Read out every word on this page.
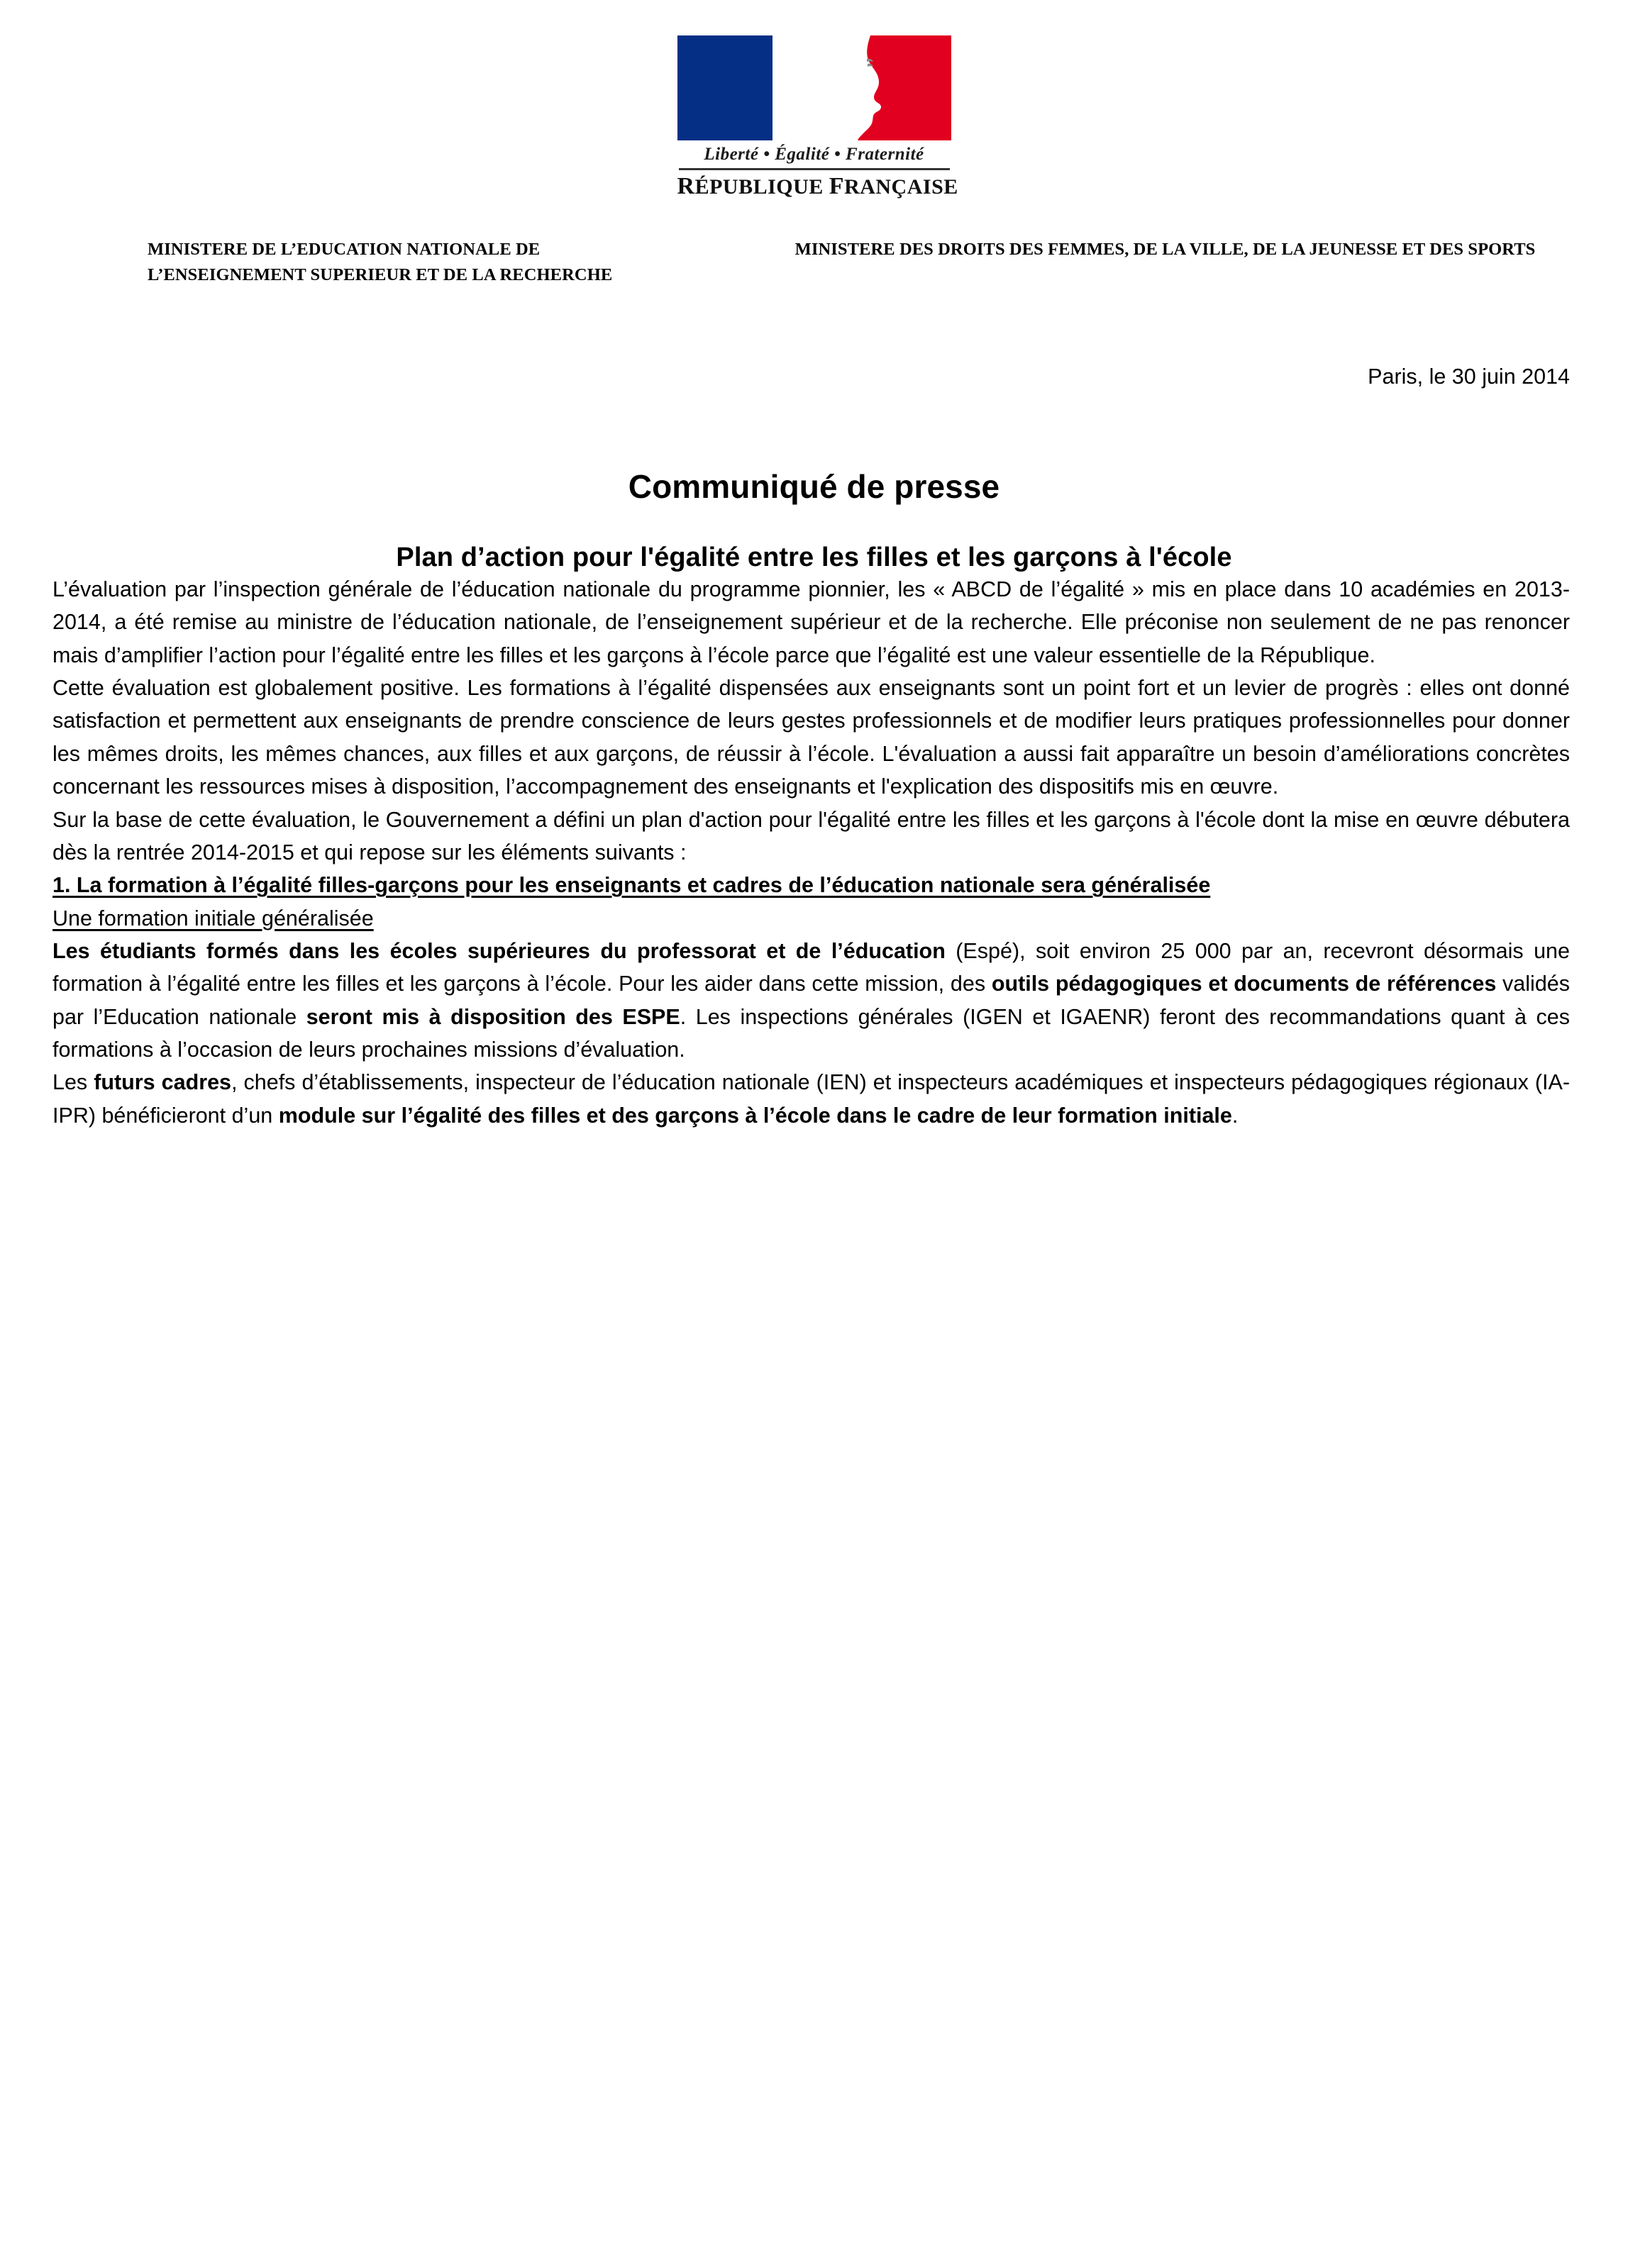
Liberté • Égalité • Fraternité
RÉPUBLIQUE FRANÇAISE
MINISTERE DE L’EDUCATION NATIONALE DE L’ENSEIGNEMENT SUPERIEUR ET DE LA RECHERCHE
MINISTERE DES DROITS DES FEMMES, DE LA VILLE, DE LA JEUNESSE ET DES SPORTS
Paris, le 30 juin 2014
Communiqué de presse
Plan d’action pour l'égalité entre les filles et les garçons à l'école

L’évaluation par l’inspection générale de l’éducation nationale du programme pionnier, les « ABCD de l’égalité » mis en place dans 10 académies en 2013-2014, a été remise au ministre de l’éducation nationale, de l’enseignement supérieur et de la recherche. Elle préconise non seulement de ne pas renoncer mais d’amplifier l’action pour l’égalité entre les filles et les garçons à l’école parce que l’égalité est une valeur essentielle de la République.

Cette évaluation est globalement positive. Les formations à l’égalité dispensées aux enseignants sont un point fort et un levier de progrès : elles ont donné satisfaction et permettent aux enseignants de prendre conscience de leurs gestes professionnels et de modifier leurs pratiques professionnelles pour donner les mêmes droits, les mêmes chances, aux filles et aux garçons, de réussir à l’école. L'évaluation a aussi fait apparaître un besoin d’améliorations concrètes concernant les ressources mises à disposition, l’accompagnement des enseignants et l'explication des dispositifs mis en œuvre.

Sur la base de cette évaluation, le Gouvernement a défini un plan d'action pour l'égalité entre les filles et les garçons à l'école dont la mise en œuvre débutera dès la rentrée 2014-2015 et qui repose sur les éléments suivants :

1. La formation à l’égalité filles-garçons pour les enseignants et cadres de l’éducation nationale sera généralisée
Une formation initiale généralisée

Les étudiants formés dans les écoles supérieures du professorat et de l’éducation (Espé), soit environ 25 000 par an, recevront désormais une formation à l’égalité entre les filles et les garçons à l’école. Pour les aider dans cette mission, des outils pédagogiques et documents de références validés par l’Education nationale seront mis à disposition des ESPE. Les inspections générales (IGEN et IGAENR) feront des recommandations quant à ces formations à l’occasion de leurs prochaines missions d’évaluation.

Les futurs cadres, chefs d’établissements, inspecteur de l’éducation nationale (IEN) et inspecteurs académiques et inspecteurs pédagogiques régionaux (IA-IPR) bénéficieront d’un module sur l’égalité des filles et des garçons à l’école dans le cadre de leur formation initiale.
